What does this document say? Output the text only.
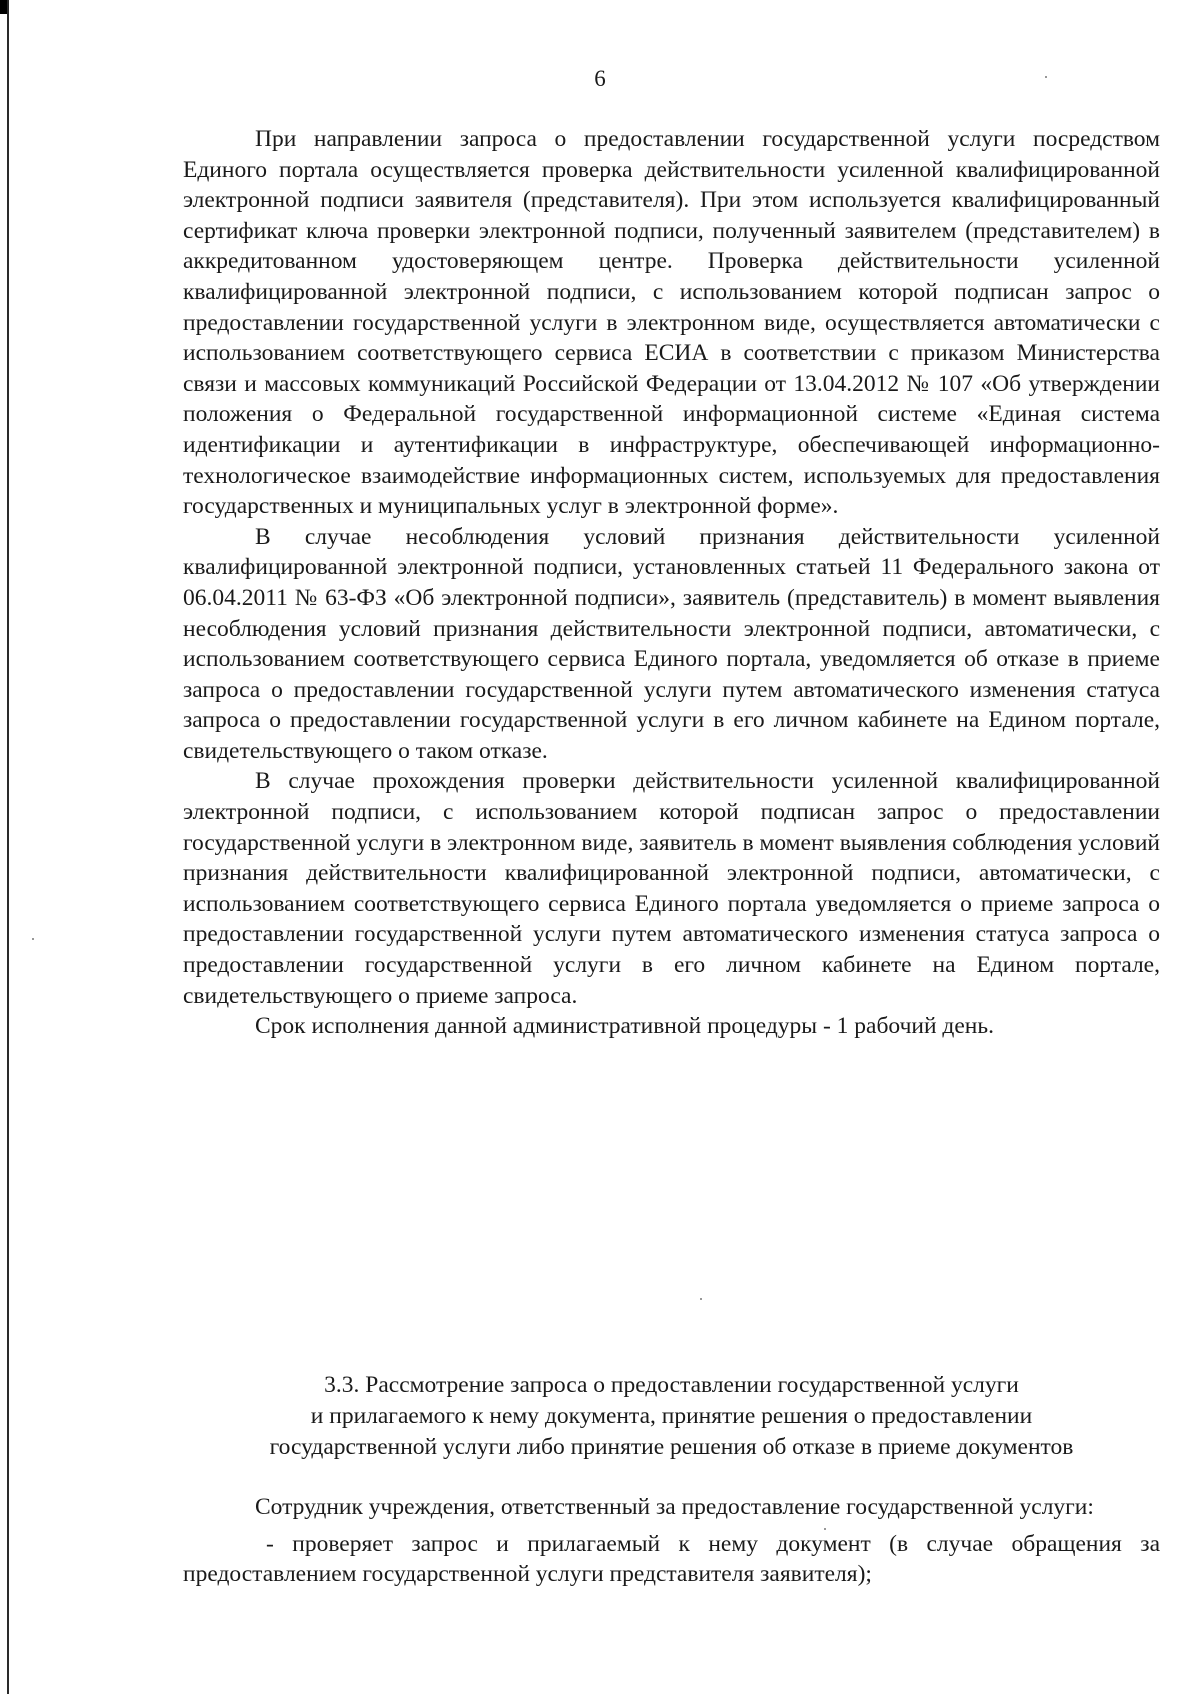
6

При направлении запроса о предоставлении государственной услуги посредством Единого портала осуществляется проверка действительности усиленной квалифицированной электронной подписи заявителя (представителя). При этом используется квалифицированный сертификат ключа проверки электронной подписи, полученный заявителем (представителем) в аккредитованном удостоверяющем центре. Проверка действительности усиленной квалифицированной электронной подписи, с использованием которой подписан запрос о предоставлении государственной услуги в электронном виде, осуществляется автоматически с использованием соответствующего сервиса ЕСИА в соответствии с приказом Министерства связи и массовых коммуникаций Российской Федерации от 13.04.2012 № 107 «Об утверждении положения о Федеральной государственной информационной системе «Единая система идентификации и аутентификации в инфраструктуре, обеспечивающей информационно-технологическое взаимодействие информационных систем, используемых для предоставления государственных и муниципальных услуг в электронной форме».

В случае несоблюдения условий признания действительности усиленной квалифицированной электронной подписи, установленных статьей 11 Федерального закона от 06.04.2011 № 63-ФЗ «Об электронной подписи», заявитель (представитель) в момент выявления несоблюдения условий признания действительности электронной подписи, автоматически, с использованием соответствующего сервиса Единого портала, уведомляется об отказе в приеме запроса о предоставлении государственной услуги путем автоматического изменения статуса запроса о предоставлении государственной услуги в его личном кабинете на Едином портале, свидетельствующего о таком отказе.

В случае прохождения проверки действительности усиленной квалифицированной электронной подписи, с использованием которой подписан запрос о предоставлении государственной услуги в электронном виде, заявитель в момент выявления соблюдения условий признания действительности квалифицированной электронной подписи, автоматически, с использованием соответствующего сервиса Единого портала уведомляется о приеме запроса о предоставлении государственной услуги путем автоматического изменения статуса запроса о предоставлении государственной услуги в его личном кабинете на Едином портале, свидетельствующего о приеме запроса.

Срок исполнения данной административной процедуры - 1 рабочий день.

3.3. Рассмотрение запроса о предоставлении государственной услуги
и прилагаемого к нему документа, принятие решения о предоставлении
государственной услуги либо принятие решения об отказе в приеме документов

Сотрудник учреждения, ответственный за предоставление государственной услуги:

- проверяет запрос и прилагаемый к нему документ (в случае обращения за предоставлением государственной услуги представителя заявителя);
